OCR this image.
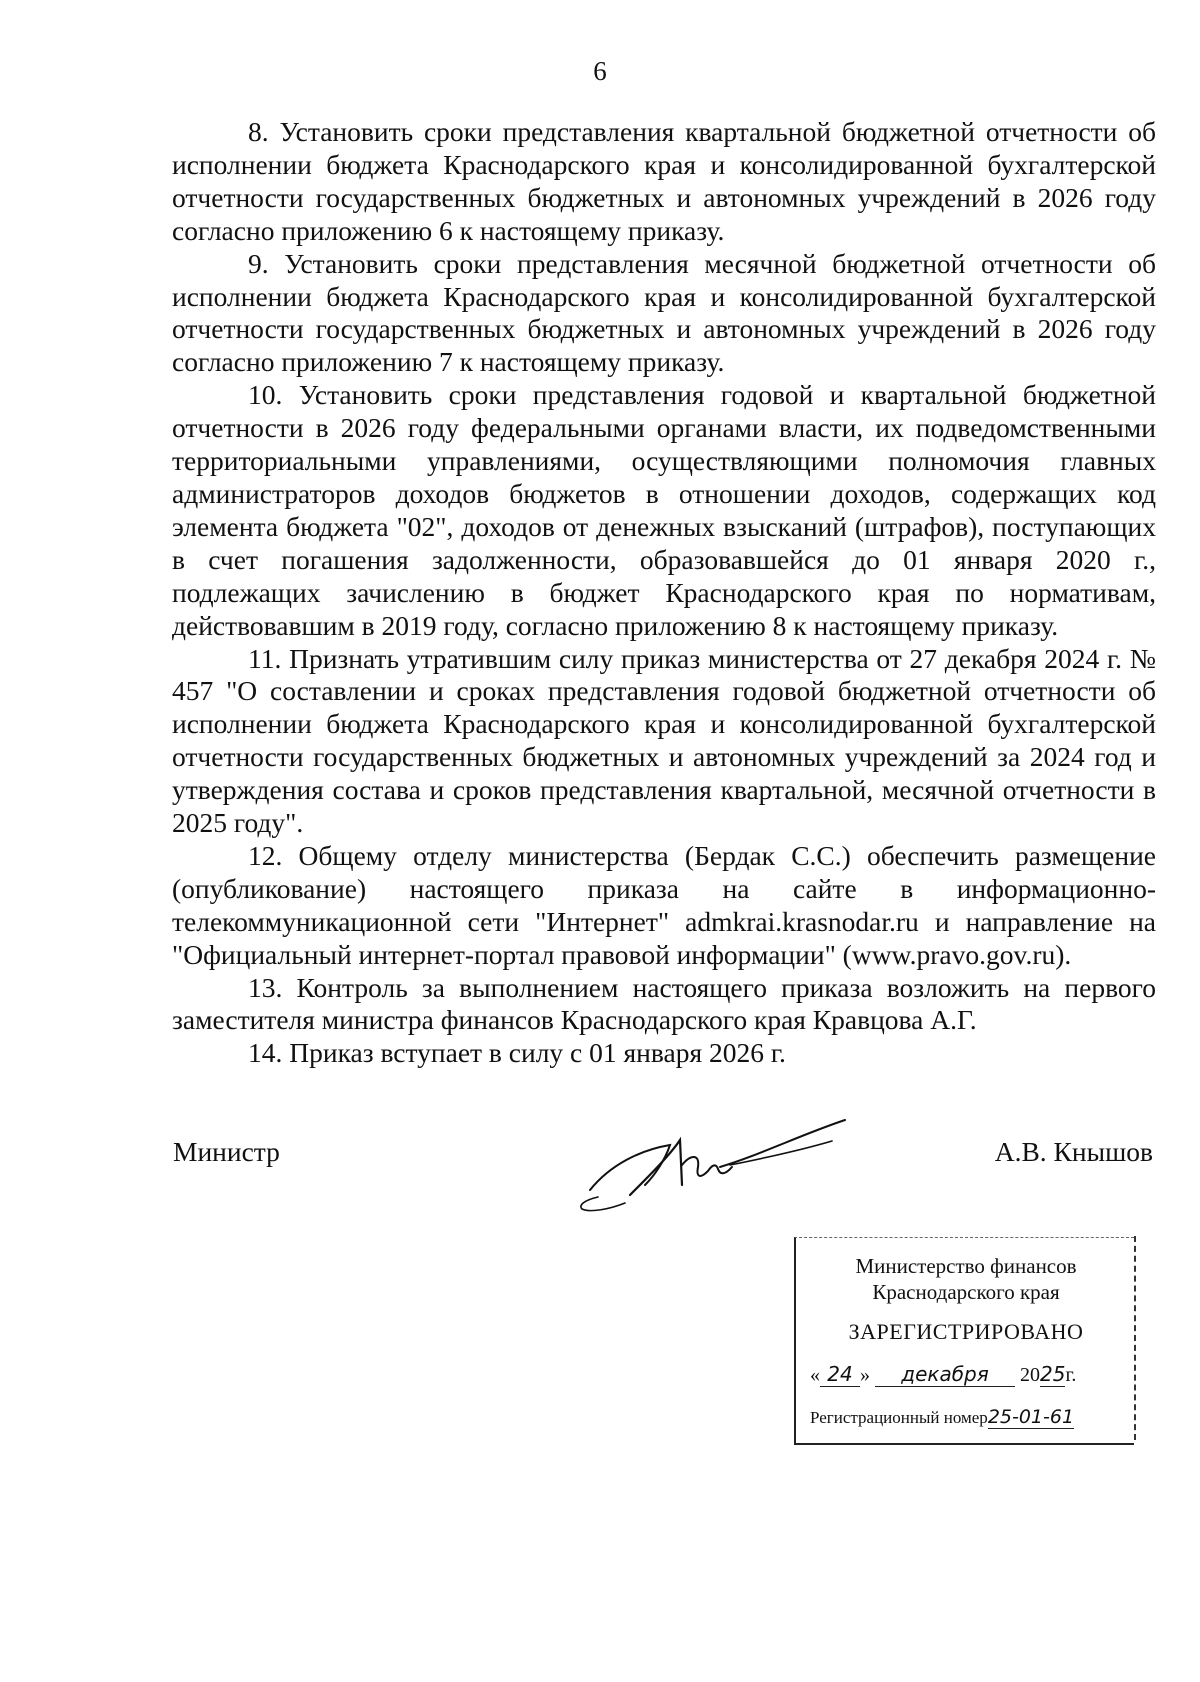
6

8. Установить сроки представления квартальной бюджетной отчетности об исполнении бюджета Краснодарского края и консолидированной бухгалтерской отчетности государственных бюджетных и автономных учреждений в 2026 году согласно приложению 6 к настоящему приказу.

9. Установить сроки представления месячной бюджетной отчетности об исполнении бюджета Краснодарского края и консолидированной бухгалтерской отчетности государственных бюджетных и автономных учреждений в 2026 году согласно приложению 7 к настоящему приказу.

10. Установить сроки представления годовой и квартальной бюджетной отчетности в 2026 году федеральными органами власти, их подведомственными территориальными управлениями, осуществляющими полномочия главных администраторов доходов бюджетов в отношении доходов, содержащих код элемента бюджета "02", доходов от денежных взысканий (штрафов), поступающих в счет погашения задолженности, образовавшейся до 01 января 2020 г., подлежащих зачислению в бюджет Краснодарского края по нормативам, действовавшим в 2019 году, согласно приложению 8 к настоящему приказу.

11. Признать утратившим силу приказ министерства от 27 декабря 2024 г. № 457 "О составлении и сроках представления годовой бюджетной отчетности об исполнении бюджета Краснодарского края и консолидированной бухгалтерской отчетности государственных бюджетных и автономных учреждений за 2024 год и утверждения состава и сроков представления квартальной, месячной отчетности в 2025 году".

12. Общему отделу министерства (Бердак С.С.) обеспечить размещение (опубликование) настоящего приказа на сайте в информационно-телекоммуникационной сети "Интернет" admkrai.krasnodar.ru и направление на "Официальный интернет-портал правовой информации" (www.pravo.gov.ru).

13. Контроль за выполнением настоящего приказа возложить на первого заместителя министра финансов Краснодарского края Кравцова А.Г.

14. Приказ вступает в силу с 01 января 2026 г.

Министр	А.В. Кнышов
Министерство финансов
Краснодарского края
ЗАРЕГИСТРИРОВАНО
« 24 » декабря 2025г.
Регистрационный номер25-01-61
